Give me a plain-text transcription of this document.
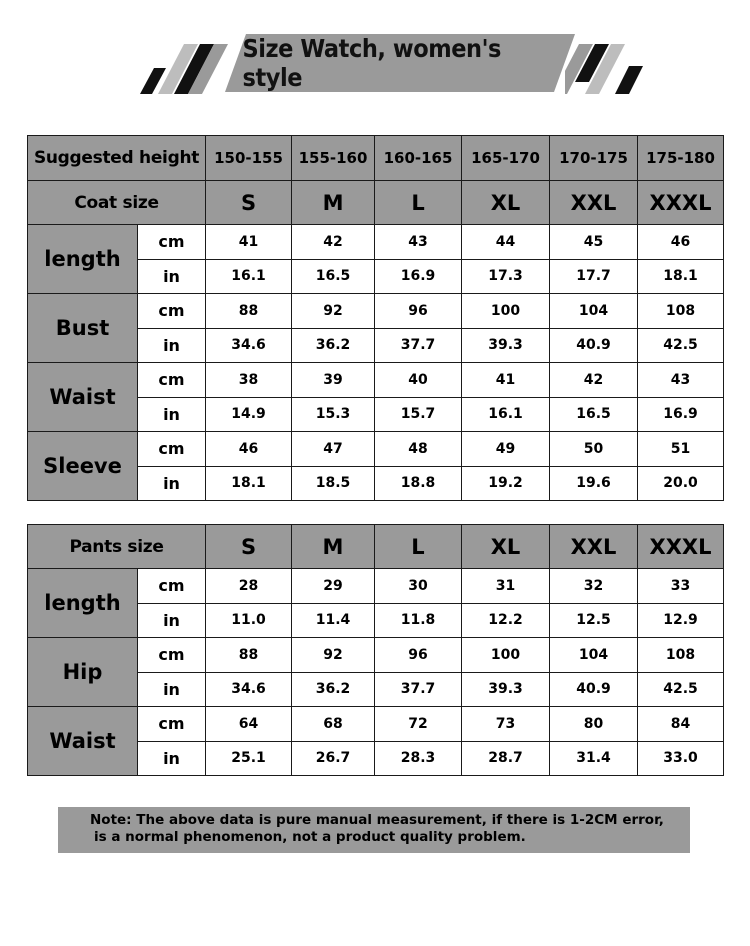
Size Watch, women's style
Suggested height		150-155	155-160	160-165	165-170	170-175	175-180
Coat size		S	M	L	XL	XXL	XXXL
length	cm	41	42	43	44	45	46
	in	16.1	16.5	16.9	17.3	17.7	18.1
Bust	cm	88	92	96	100	104	108
	in	34.6	36.2	37.7	39.3	40.9	42.5
Waist	cm	38	39	40	41	42	43
	in	14.9	15.3	15.7	16.1	16.5	16.9
Sleeve	cm	46	47	48	49	50	51
	in	18.1	18.5	18.8	19.2	19.6	20.0
Pants size		S	M	L	XL	XXL	XXXL
length	cm	28	29	30	31	32	33
	in	11.0	11.4	11.8	12.2	12.5	12.9
Hip	cm	88	92	96	100	104	108
	in	34.6	36.2	37.7	39.3	40.9	42.5
Waist	cm	64	68	72	73	80	84
	in	25.1	26.7	28.3	28.7	31.4	33.0
Note: The above data is pure manual measurement, if there is 1-2CM error,
is a normal phenomenon, not a product quality problem.
